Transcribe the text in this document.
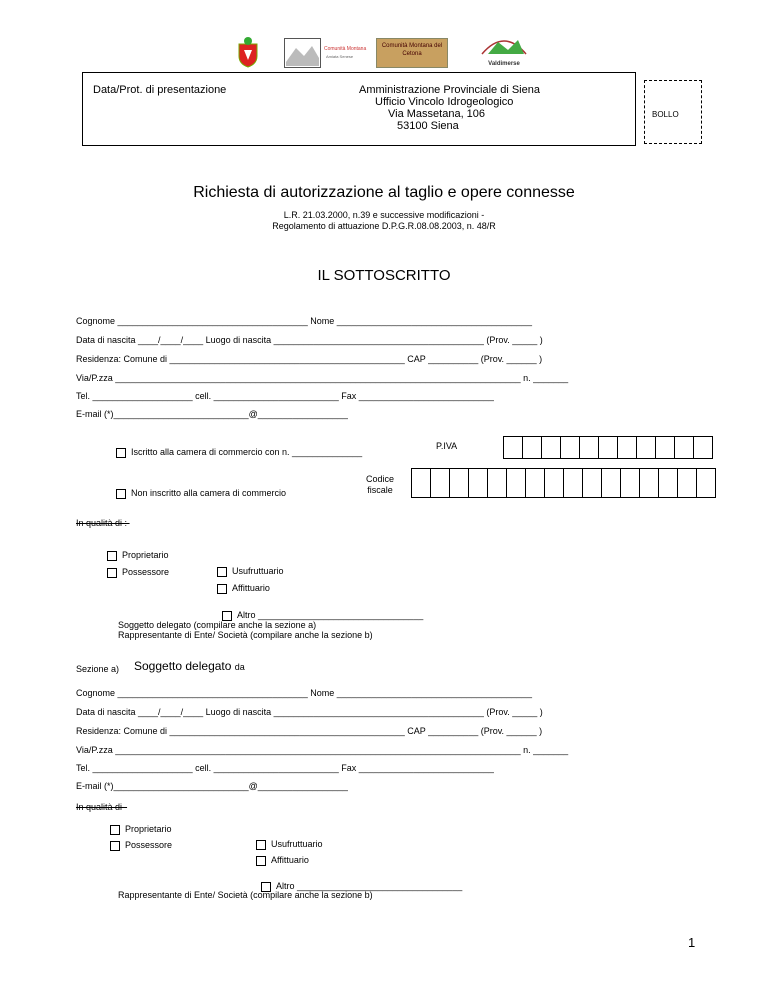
Comunità Montana
Amiata Senese
Comunità Montana del Cetona
Valdimerse
Data/Prot. di presentazione	Amministrazione Provinciale di Siena
Ufficio Vincolo Idrogeologico
Via Massetana, 106
53100 Siena
BOLLO
Richiesta di autorizzazione al taglio e opere connesse
L.R. 21.03.2000, n.39 e successive modificazioni -
Regolamento di attuazione D.P.G.R.08.08.2003, n. 48/R
IL SOTTOSCRITTO
Cognome ______________________________________ Nome _______________________________________
Data di nascita ____/____/____ Luogo di nascita __________________________________________ (Prov. _____ )
Residenza: Comune di _______________________________________________ CAP __________ (Prov. ______ )
Via/P.zza _________________________________________________________________________________ n. _______
Tel. ____________________ cell. _________________________ Fax ___________________________
E-mail (*)___________________________@__________________
Iscritto alla camera di commercio con n. ______________
P.IVA
Codice
fiscale
Non inscritto alla camera di commercio
In qualità di :
Proprietario
Possessore	Usufruttuario
Affittuario

Altro _________________________________

Soggetto delegato (compilare anche la sezione a)
Rappresentante di Ente/ Società (compilare anche la sezione b)
Sezione a) Soggetto delegato da
Cognome ______________________________________ Nome _______________________________________
Data di nascita ____/____/____ Luogo di nascita __________________________________________ (Prov. _____ )
Residenza: Comune di _______________________________________________ CAP __________ (Prov. ______ )
Via/P.zza _________________________________________________________________________________ n. _______
Tel. ____________________ cell. _________________________ Fax ___________________________
E-mail (*)___________________________@__________________
In qualità di
Proprietario
Possessore	Usufruttuario
Affittuario

Altro _________________________________

Rappresentante di Ente/ Società (compilare anche la sezione b)
1
